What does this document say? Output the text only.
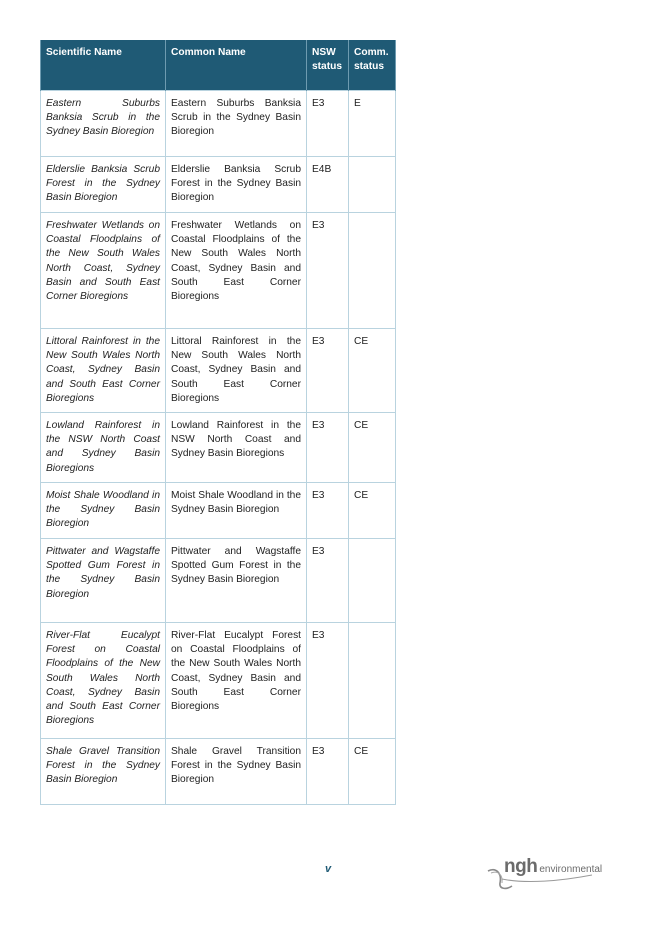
Scientific Name	Common Name	NSW status	Comm. status
Eastern Suburbs Banksia Scrub in the Sydney Basin Bioregion	Eastern Suburbs Banksia Scrub in the Sydney Basin Bioregion	E3	E
Elderslie Banksia Scrub Forest in the Sydney Basin Bioregion	Elderslie Banksia Scrub Forest in the Sydney Basin Bioregion	E4B	
Freshwater Wetlands on Coastal Floodplains of the New South Wales North Coast, Sydney Basin and South East Corner Bioregions	Freshwater Wetlands on Coastal Floodplains of the New South Wales North Coast, Sydney Basin and South East Corner Bioregions	E3	
Littoral Rainforest in the New South Wales North Coast, Sydney Basin and South East Corner Bioregions	Littoral Rainforest in the New South Wales North Coast, Sydney Basin and South East Corner Bioregions	E3	CE
Lowland Rainforest in the NSW North Coast and Sydney Basin Bioregions	Lowland Rainforest in the NSW North Coast and Sydney Basin Bioregions	E3	CE
Moist Shale Woodland in the Sydney Basin Bioregion	Moist Shale Woodland in the Sydney Basin Bioregion	E3	CE
Pittwater and Wagstaffe Spotted Gum Forest in the Sydney Basin Bioregion	Pittwater and Wagstaffe Spotted Gum Forest in the Sydney Basin Bioregion	E3	
River-Flat Eucalypt Forest on Coastal Floodplains of the New South Wales North Coast, Sydney Basin and South East Corner Bioregions	River-Flat Eucalypt Forest on Coastal Floodplains of the New South Wales North Coast, Sydney Basin and South East Corner Bioregions	E3	
Shale Gravel Transition Forest in the Sydney Basin Bioregion	Shale Gravel Transition Forest in the Sydney Basin Bioregion	E3	CE
v	ngh environmental
